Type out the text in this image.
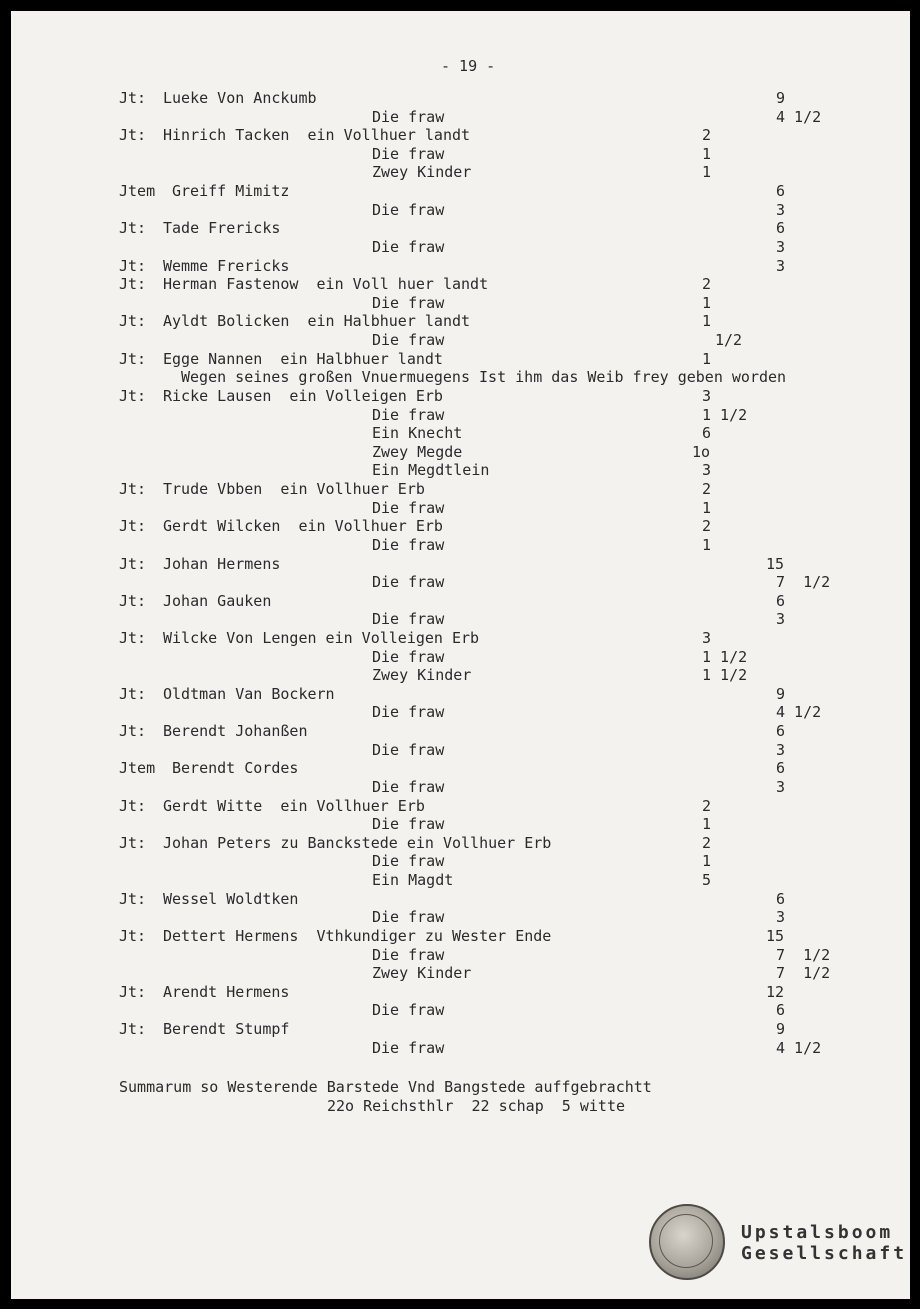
- 19 -
Jt: Lueke Von Anckumb	9
Die fraw	4 1/2
Jt: Hinrich Tacken  ein Vollhuer landt	2
Die fraw	1
Zwey Kinder	1
Jtem Greiff Mimitz	6
Die fraw	3
Jt: Tade Frericks	6
Die fraw	3
Jt: Wemme Frericks	3
Jt: Herman Fastenow  ein Voll huer landt	2
Die fraw	1
Jt: Ayldt Bolicken  ein Halbhuer landt	1
Die fraw	1/2
Jt: Egge Nannen  ein Halbhuer landt	1
Wegen seines großen Vnuermuegens Ist ihm das Weib frey geben worden
Jt: Ricke Lausen  ein Volleigen Erb	3
Die fraw	1 1/2
Ein Knecht	6
Zwey Megde	1o
Ein Megdtlein	3
Jt: Trude Vbben  ein Vollhuer Erb	2
Die fraw	1
Jt: Gerdt Wilcken  ein Vollhuer Erb	2
Die fraw	1
Jt: Johan Hermens	15
Die fraw	7  1/2
Jt: Johan Gauken	6
Die fraw	3
Jt: Wilcke Von Lengen ein Volleigen Erb	3
Die fraw	1 1/2
Zwey Kinder	1 1/2
Jt: Oldtman Van Bockern	9
Die fraw	4 1/2
Jt: Berendt Johanßen	6
Die fraw	3
Jtem Berendt Cordes	6
Die fraw	3
Jt: Gerdt Witte  ein Vollhuer Erb	2
Die fraw	1
Jt: Johan Peters zu Banckstede ein Vollhuer Erb	2
Die fraw	1
Ein Magdt	5
Jt: Wessel Woldtken	6
Die fraw	3
Jt: Dettert Hermens  Vthkundiger zu Wester Ende	15
Die fraw	7  1/2
Zwey Kinder	7  1/2
Jt: Arendt Hermens	12
Die fraw	6
Jt: Berendt Stumpf	9
Die fraw	4 1/2
Summarum so Westerende Barstede Vnd Bangstede auffgebrachtt
22o Reichsthlr  22 schap  5 witte
Upstalsboom
Gesellschaft
